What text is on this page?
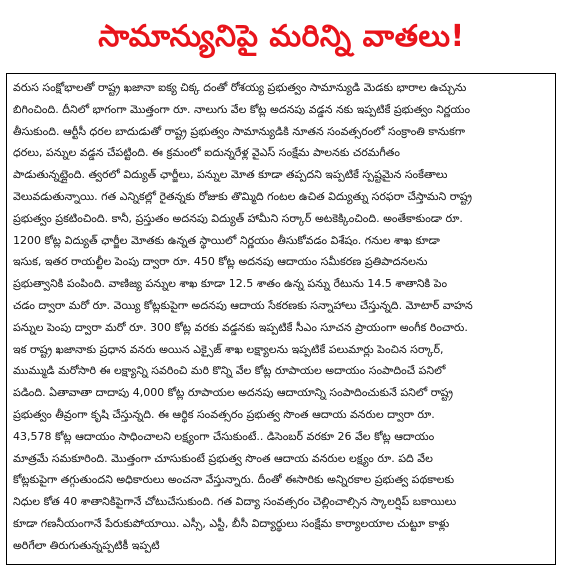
సామాన్యునిపై మరిన్ని వాతలు!
వరుస సంక్షోభాలతో రాష్ట్ర ఖజానా ఐక్య చిక్క దంతో రోశయ్య ప్రభుత్వం సామాన్యుడి మెడకు భారాల ఉచ్చును
బిగించింది. దీనిలో భాగంగా మొత్తంగా రూ. నాలుగు వేల కోట్ల అదనపు వడ్డన నకు ఇప్పటికే ప్రభుత్వం నిర్ణయం
తీసుకుంది. ఆర్టీసీ ధరల బాదుడుతో రాష్ట్ర ప్రభుత్వం సామాన్యుడికి నూతన సంవత్సరంలో సంక్రాంతి కానుకగా
ధరలు, పన్నుల వడ్డన చేపట్టింది. ఈ క్రమంలో ఐదున్నరేళ్ల వైఎస్ సంక్షేమ పాలనకు చరమగీతం
పాడుతున్నట్లైంది. త్వరలో విద్యుత్ ఛార్జీలు, పన్నుల మోత కూడా తప్పదని ఇప్పటికే స్పష్టమైన సంకేతాలు
వెలువడుతున్నాయి. గత ఎన్నికల్లో రైతన్నకు రోజుకు తొమ్మిది గంటల ఉచిత విద్యుత్ను సరఫరా చేస్తామని రాష్ట్ర
ప్రభుత్వం ప్రకటించింది. కానీ, ప్రస్తుతం అదనపు విద్యుత్ హామీని సర్కార్ అటకెక్కించింది. అంతేకాకుండా రూ.
1200 కోట్ల విద్యుత్ ఛార్జీల మోతకు ఉన్నత స్థాయిలో నిర్ణయం తీసుకోవడం విశేషం. గనుల శాఖ కూడా
ఇసుక, ఇతర రాయల్టీల పెంపు ద్వారా రూ. 450 కోట్ల అదనపు ఆదాయం సమీకరణ ప్రతిపాదనలను
ప్రభుత్వానికి పంపింది. వాణిజ్య పన్నుల శాఖ కూడా 12.5 శాతం ఉన్న పన్ను రేటును 14.5 శాతానికి పెం
చడం ద్వారా మరో రూ. వెయ్యి కోట్లకుపైగా అదనపు ఆదాయ సేకరణకు సన్నాహాలు చేస్తున్నది. మోటార్ వాహన
పన్నుల పెంపు ద్వారా మరో రూ. 300 కోట్ల వరకు వడ్డనకు ఇప్పటికే సీఎం సూచన ప్రాయంగా అంగీక రించారు.
ఇక రాష్ట్ర ఖజానాకు ప్రధాన వనరు అయిన ఎక్సైజ్ శాఖ లక్ష్యాలను ఇప్పటికే పలుమార్లు పెంచిన సర్కార్,
ముమ్ముడి మరోసారి ఈ లక్ష్యాన్ని సవరించి మరి కొన్ని వేల కోట్ల రూపాయల అదాయం సంపాదించే పనిలో
పడింది. ఏతావాతా దాదాపు 4,000 కోట్ల రూపాయల అదనపు ఆదాయాన్ని సంపాదించుకునే పనిలో రాష్ట్ర
ప్రభుత్వం తీవ్రంగా కృషి చేస్తున్నది. ఈ ఆర్థిక సంవత్సరం ప్రభుత్వ సొంత ఆదాయ వనరుల ద్వారా రూ.
43,578 కోట్ల ఆదాయం సాధించాలని లక్ష్యంగా చేసుకుంటే.. డిసెంబర్ వరకూ 26 వేల కోట్ల ఆదాయం
మాత్రమే సమకూరింది. మొత్తంగా చూసుకుంటే ప్రభుత్వ సొంత ఆదాయ వనరుల లక్ష్యం రూ. పది వేల
కోట్లకుపైగా తగ్గుతుందని అధికారులు అంచనా వేస్తున్నారు. దీంతో ఈసారికు అన్నిరకాల ప్రభుత్వ పథకాలకు
నిధుల కోత 40 శాతానికిపైగానే చోటుచేసుకుంది. గత విద్యా సంవత్సరం చెల్లించాల్సిన స్కాలర్షిప్ బకాయిలు
కూడా గణనీయంగానే పేరుకుపోయాయి. ఎస్సీ, ఎస్టీ, బీసీ విద్యార్థులు సంక్షేమ కార్యాలయాల చుట్టూ కాళ్లు
అరిగేలా తిరుగుతున్నప్పటికీ ఇప్పటి
